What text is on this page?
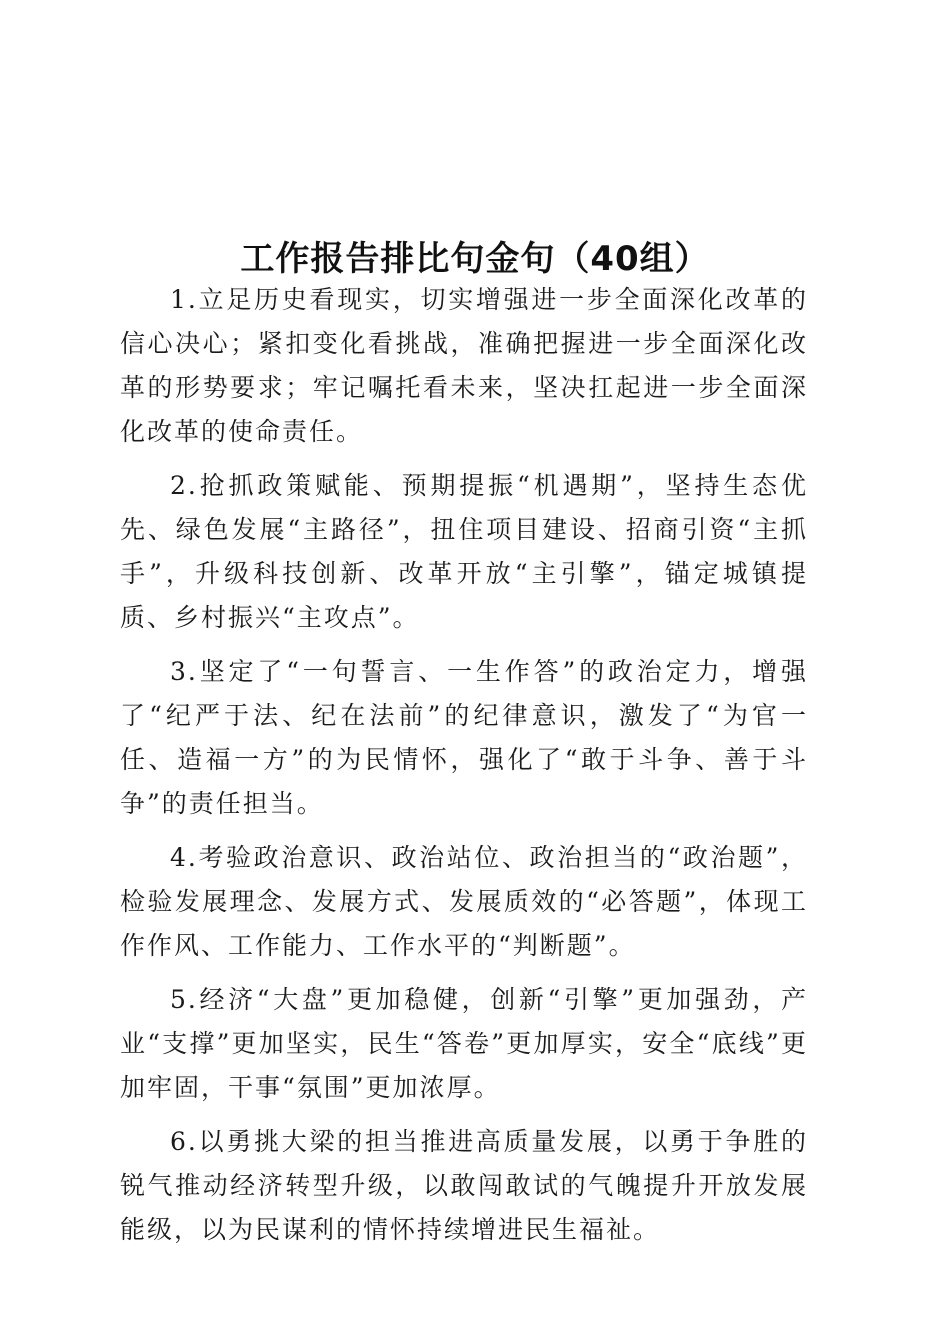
工作报告排比句金句（40组）

1.立足历史看现实，切实增强进一步全面深化改革的信心决心；紧扣变化看挑战，准确把握进一步全面深化改革的形势要求；牢记嘱托看未来，坚决扛起进一步全面深化改革的使命责任。

2.抢抓政策赋能、预期提振“机遇期”，坚持生态优先、绿色发展“主路径”，扭住项目建设、招商引资“主抓手”，升级科技创新、改革开放“主引擎”，锚定城镇提质、乡村振兴“主攻点”。

3.坚定了“一句誓言、一生作答”的政治定力，增强了“纪严于法、纪在法前”的纪律意识，激发了“为官一任、造福一方”的为民情怀，强化了“敢于斗争、善于斗争”的责任担当。

4.考验政治意识、政治站位、政治担当的“政治题”，检验发展理念、发展方式、发展质效的“必答题”，体现工作作风、工作能力、工作水平的“判断题”。

5.经济“大盘”更加稳健，创新“引擎”更加强劲，产业“支撑”更加坚实，民生“答卷”更加厚实，安全“底线”更加牢固，干事“氛围”更加浓厚。

6.以勇挑大梁的担当推进高质量发展，以勇于争胜的锐气推动经济转型升级，以敢闯敢试的气魄提升开放发展能级，以为民谋利的情怀持续增进民生福祉。
